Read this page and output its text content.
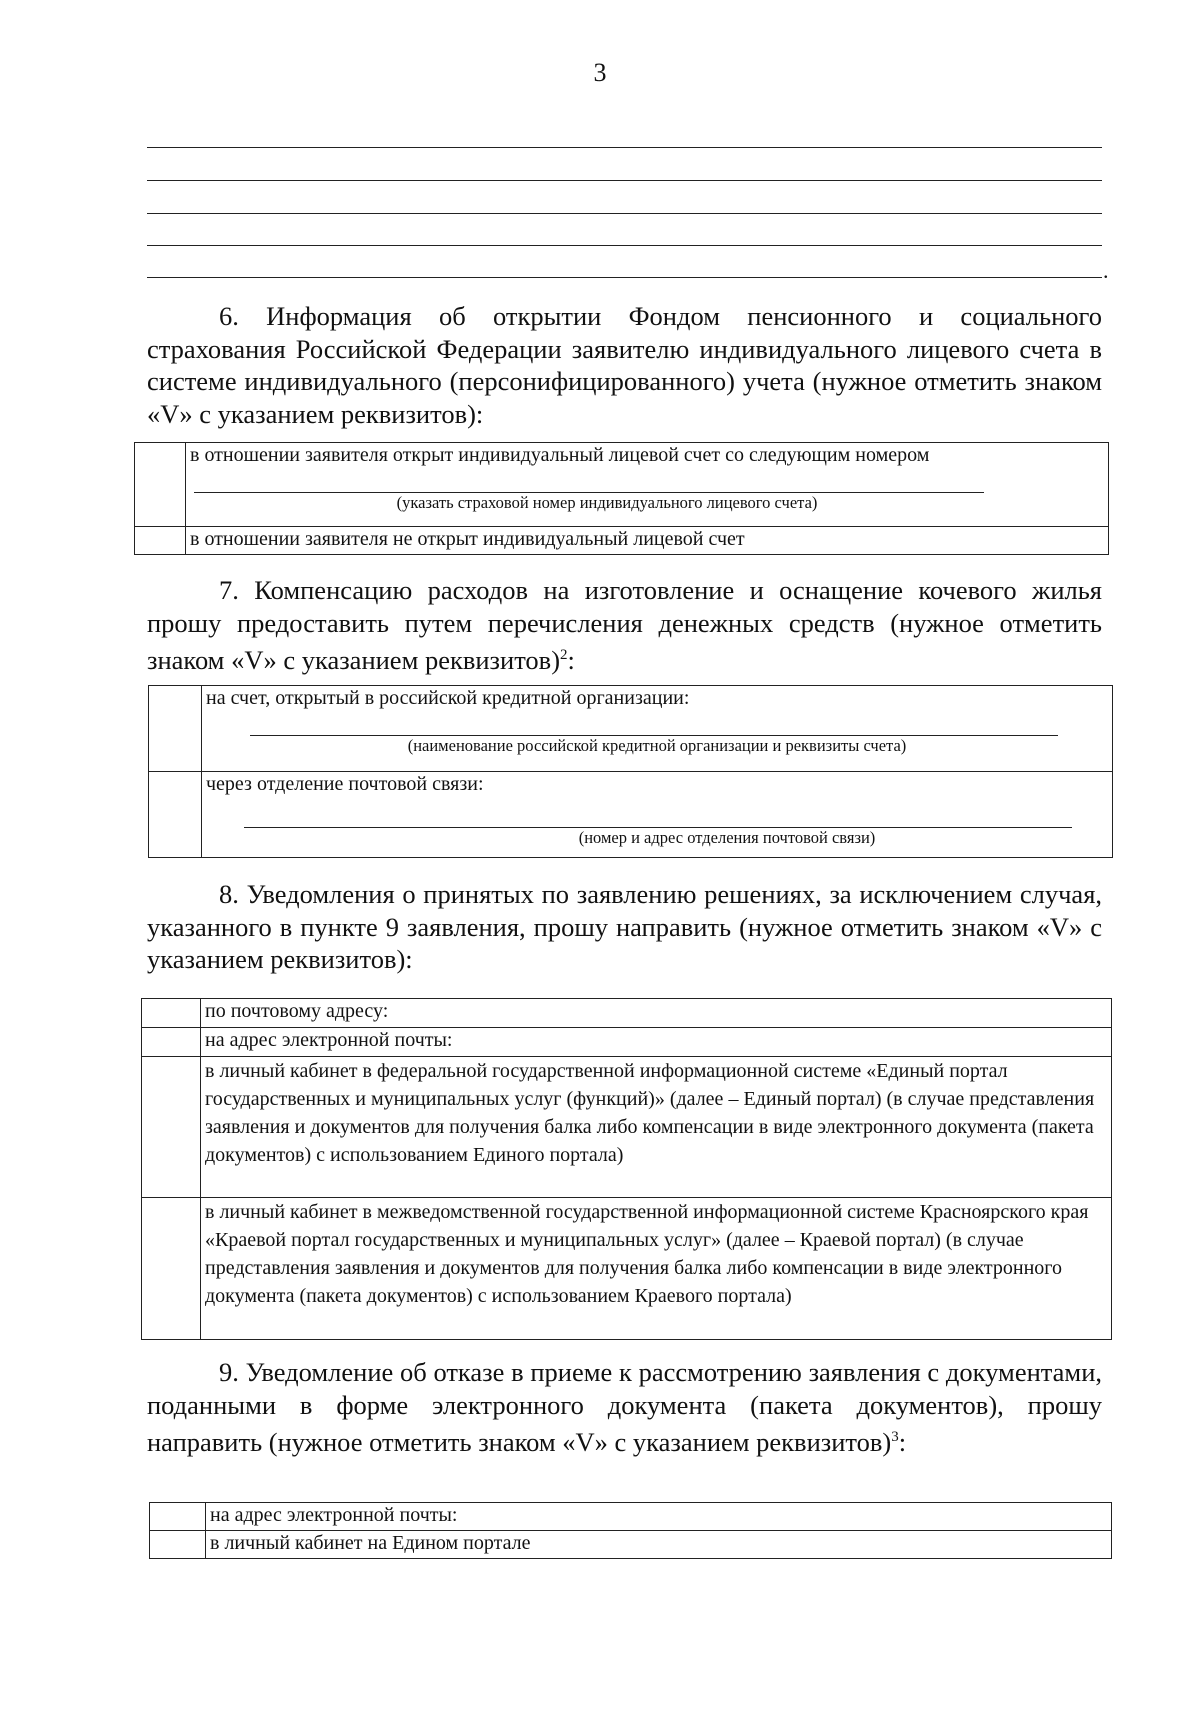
3
.
6. Информация об открытии Фондом пенсионного и социального страхования Российской Федерации заявителю индивидуального лицевого счета в системе индивидуального (персонифицированного) учета (нужное отметить знаком «V» с указанием реквизитов):

	в отношении заявителя открыт индивидуальный лицевой счет со следующим номером
(указать страховой номер индивидуального лицевого счета)

	в отношении заявителя не открыт индивидуальный лицевой счет
7. Компенсацию расходов на изготовление и оснащение кочевого жилья прошу предоставить путем перечисления денежных средств (нужное отметить знаком «V» с указанием реквизитов)$^2$:

	на счет, открытый в российской кредитной организации:
(наименование российской кредитной организации и реквизиты счета)

	через отделение почтовой связи:
(номер и адрес отделения почтовой связи)
8. Уведомления о принятых по заявлению решениях, за исключением случая, указанного в пункте 9 заявления, прошу направить (нужное отметить знаком «V» с указанием реквизитов):
	по почтовому адресу:
	на адрес электронной почты:
	в личный кабинет в федеральной государственной информационной системе «Единый портал государственных и муниципальных услуг (функций)» (далее – Единый портал) (в случае представления заявления и документов для получения балка либо компенсации в виде электронного документа (пакета документов) с использованием Единого портала)
	в личный кабинет в межведомственной государственной информационной системе Красноярского края «Краевой портал государственных и муниципальных услуг» (далее – Краевой портал) (в случае представления заявления и документов для получения балка либо компенсации в виде электронного документа (пакета документов) с использованием Краевого портала)
9. Уведомление об отказе в приеме к рассмотрению заявления с документами, поданными в форме электронного документа (пакета документов), прошу направить (нужное отметить знаком «V» с указанием реквизитов)$^3$:
	на адрес электронной почты:
	в личный кабинет на Едином портале
